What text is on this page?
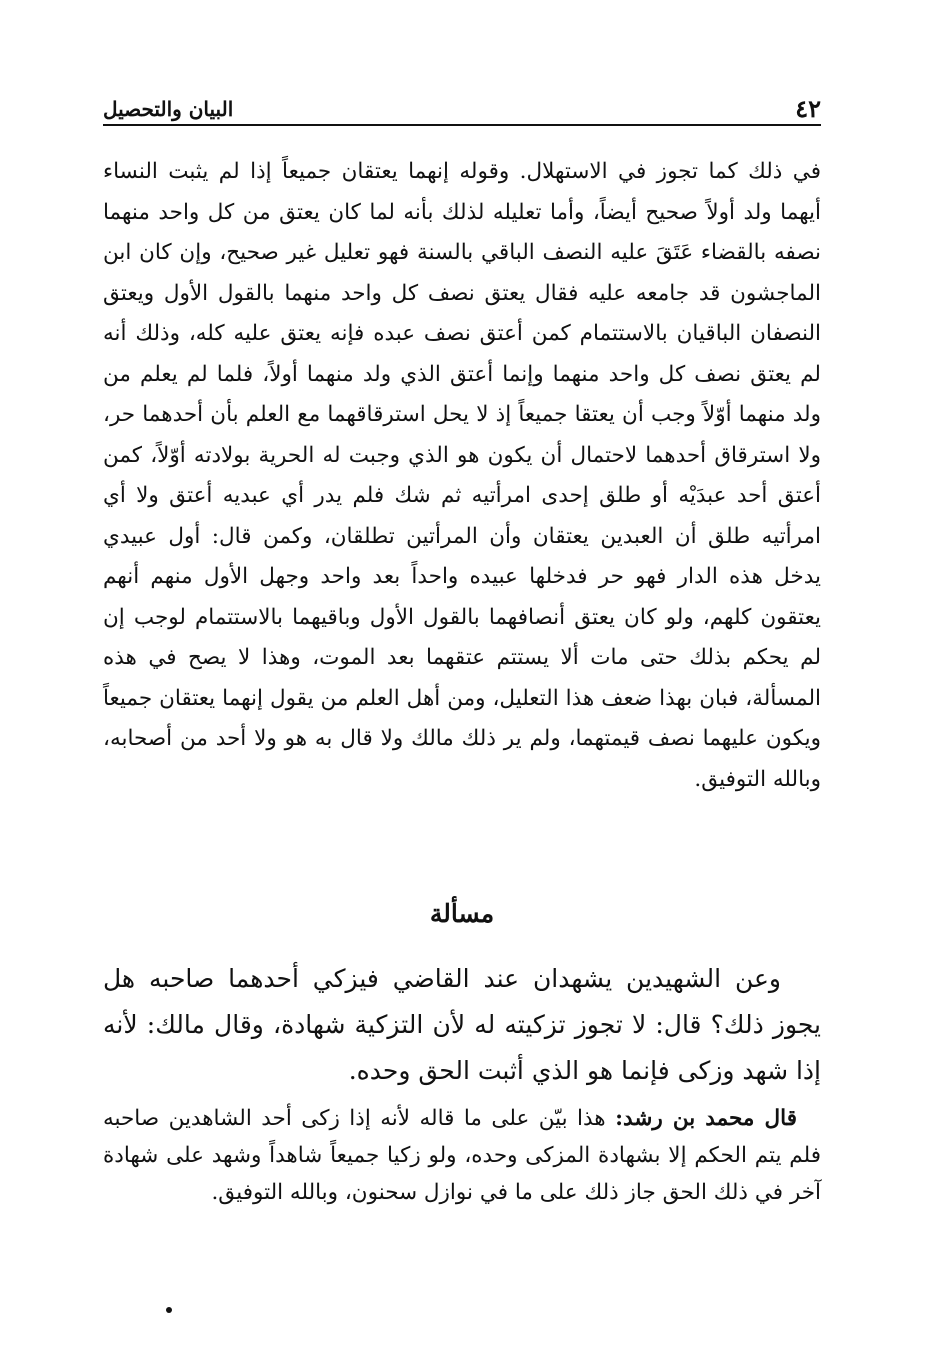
٤٢
البيان والتحصيل

في ذلك كما تجوز في الاستهلال. وقوله إنهما يعتقان جميعاً إذا لم يثبت النساء أيهما ولد أولاً صحيح أيضاً، وأما تعليله لذلك بأنه لما كان يعتق من كل واحد منهما نصفه بالقضاء عَتَقَ عليه النصف الباقي بالسنة فهو تعليل غير صحيح، وإن كان ابن الماجشون قد جامعه عليه فقال يعتق نصف كل واحد منهما بالقول الأول ويعتق النصفان الباقيان بالاستتمام كمن أعتق نصف عبده فإنه يعتق عليه كله، وذلك أنه لم يعتق نصف كل واحد منهما وإنما أعتق الذي ولد منهما أولاً، فلما لم يعلم من ولد منهما أوّلاً وجب أن يعتقا جميعاً إذ لا يحل استرقاقهما مع العلم بأن أحدهما حر، ولا استرقاق أحدهما لاحتمال أن يكون هو الذي وجبت له الحرية بولادته أوّلاً، كمن أعتق أحد عبدَيْه أو طلق إحدى امرأتيه ثم شك فلم يدر أي عبديه أعتق ولا أي امرأتيه طلق أن العبدين يعتقان وأن المرأتين تطلقان، وكمن قال: أول عبيدي يدخل هذه الدار فهو حر فدخلها عبيده واحداً بعد واحد وجهل الأول منهم أنهم يعتقون كلهم، ولو كان يعتق أنصافهما بالقول الأول وباقيهما بالاستتمام لوجب إن لم يحكم بذلك حتى مات ألا يستتم عتقهما بعد الموت، وهذا لا يصح في هذه المسألة، فبان بهذا ضعف هذا التعليل، ومن أهل العلم من يقول إنهما يعتقان جميعاً ويكون عليهما نصف قيمتهما، ولم ير ذلك مالك ولا قال به هو ولا أحد من أصحابه، وبالله التوفيق.

مسألة

وعن الشهيدين يشهدان عند القاضي فيزكي أحدهما صاحبه هل يجوز ذلك؟ قال: لا تجوز تزكيته له لأن التزكية شهادة، وقال مالك: لأنه إذا شهد وزكى فإنما هو الذي أثبت الحق وحده.

قال محمد بن رشد: هذا بيّن على ما قاله لأنه إذا زكى أحد الشاهدين صاحبه فلم يتم الحكم إلا بشهادة المزكى وحده، ولو زكيا جميعاً شاهداً وشهد على شهادة آخر في ذلك الحق جاز ذلك على ما في نوازل سحنون، وبالله التوفيق.
